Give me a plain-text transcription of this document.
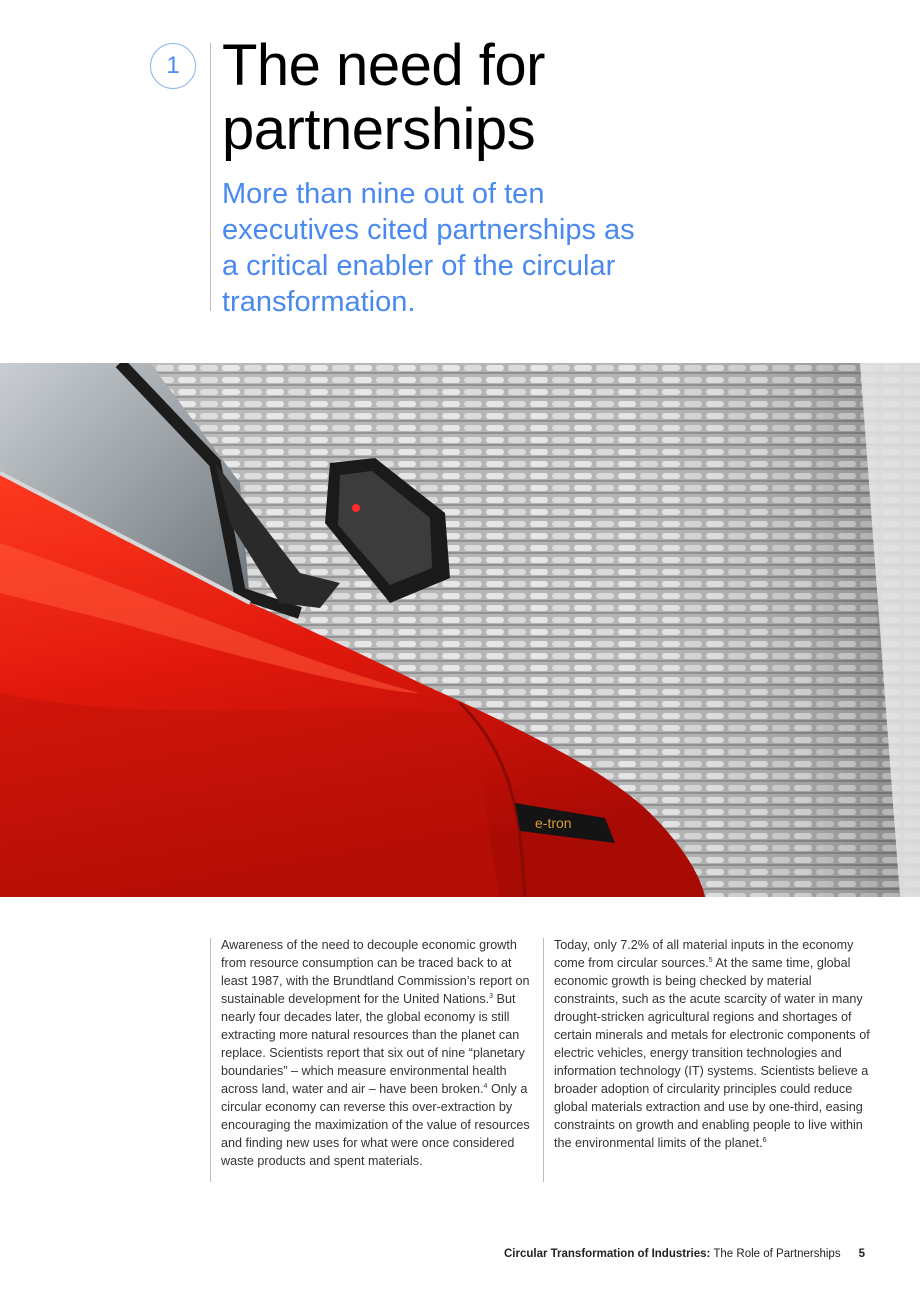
1 The need for
partnerships

More than nine out of ten executives cited partnerships as a critical enabler of the circular transformation.

e-tron

Awareness of the need to decouple economic growth from resource consumption can be traced back to at least 1987, with the Brundtland Commission’s report on sustainable development for the United Nations.$^3$ But nearly four decades later, the global economy is still extracting more natural resources than the planet can replace. Scientists report that six out of nine “planetary boundaries” – which measure environmental health across land, water and air – have been broken.$^4$ Only a circular economy can reverse this over-extraction by encouraging the maximization of the value of resources and finding new uses for what were once considered waste products and spent materials.

Today, only 7.2% of all material inputs in the economy come from circular sources.$^5$ At the same time, global economic growth is being checked by material constraints, such as the acute scarcity of water in many drought-stricken agricultural regions and shortages of certain minerals and metals for electronic components of electric vehicles, energy transition technologies and information technology (IT) systems. Scientists believe a broader adoption of circularity principles could reduce global materials extraction and use by one-third, easing constraints on growth and enabling people to live within the environmental limits of the planet.$^6$

Circular Transformation of Industries: The Role of Partnerships 5
